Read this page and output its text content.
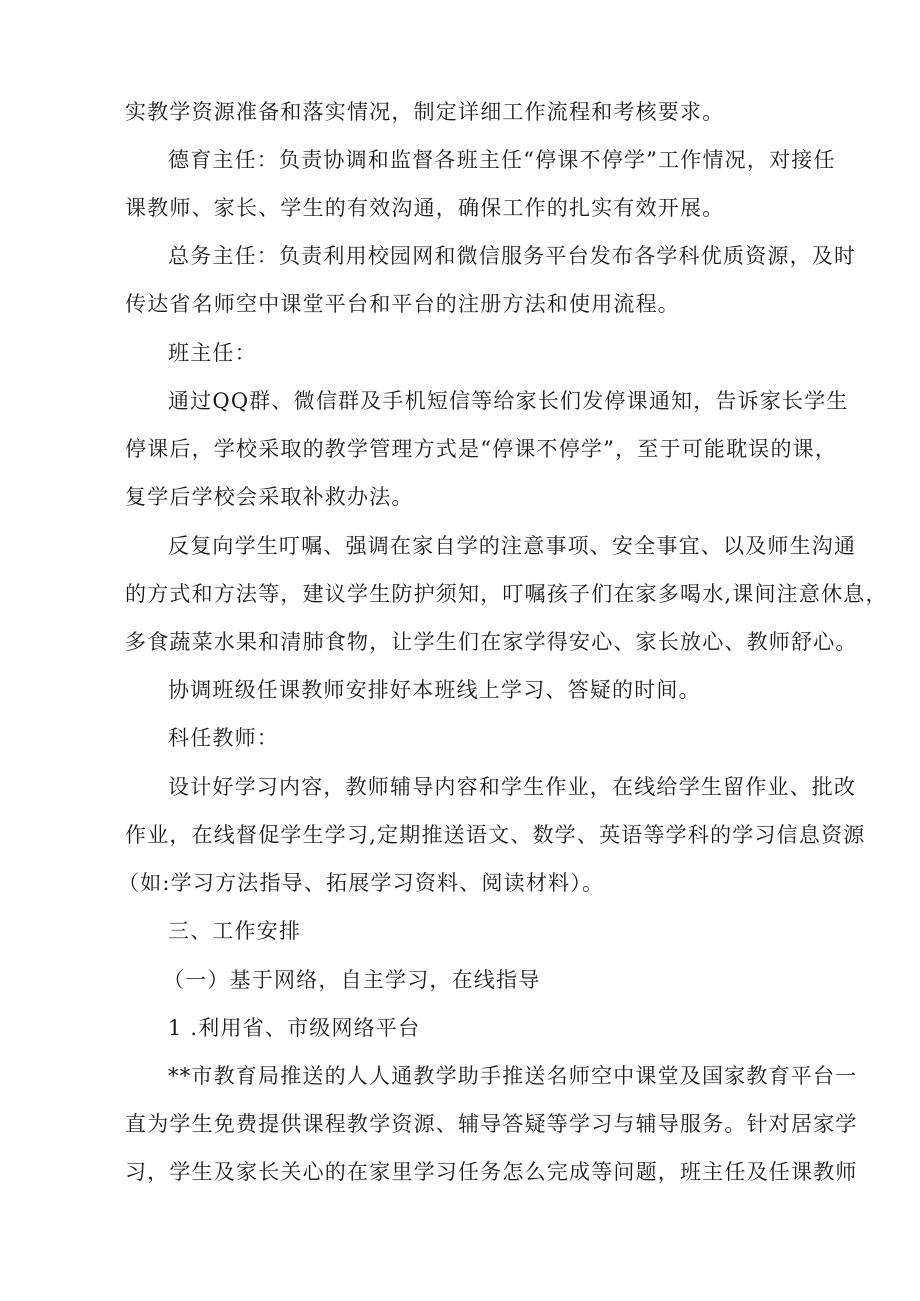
实教学资源准备和落实情况，制定详细工作流程和考核要求。
德育主任：负责协调和监督各班主任“停课不停学”工作情况，对接任
课教师、家长、学生的有效沟通，确保工作的扎实有效开展。
总务主任：负责利用校园网和微信服务平台发布各学科优质资源，及时
传达省名师空中课堂平台和平台的注册方法和使用流程。
班主任：
通过QQ群、微信群及手机短信等给家长们发停课通知，告诉家长学生
停课后，学校采取的教学管理方式是“停课不停学”，至于可能耽误的课，
复学后学校会采取补救办法。
反复向学生叮嘱、强调在家自学的注意事项、安全事宜、以及师生沟通
的方式和方法等，建议学生防护须知，叮嘱孩子们在家多喝水,课间注意休息，
多食蔬菜水果和清肺食物，让学生们在家学得安心、家长放心、教师舒心。
协调班级任课教师安排好本班线上学习、答疑的时间。
科任教师：
设计好学习内容，教师辅导内容和学生作业，在线给学生留作业、批改
作业，在线督促学生学习,定期推送语文、数学、英语等学科的学习信息资源
（如:学习方法指导、拓展学习资料、阅读材料）。
三、工作安排
（一）基于网络，自主学习，在线指导
1 .利用省、市级网络平台
**市教育局推送的人人通教学助手推送名师空中课堂及国家教育平台一
直为学生免费提供课程教学资源、辅导答疑等学习与辅导服务。针对居家学
习，学生及家长关心的在家里学习任务怎么完成等问题，班主任及任课教师
